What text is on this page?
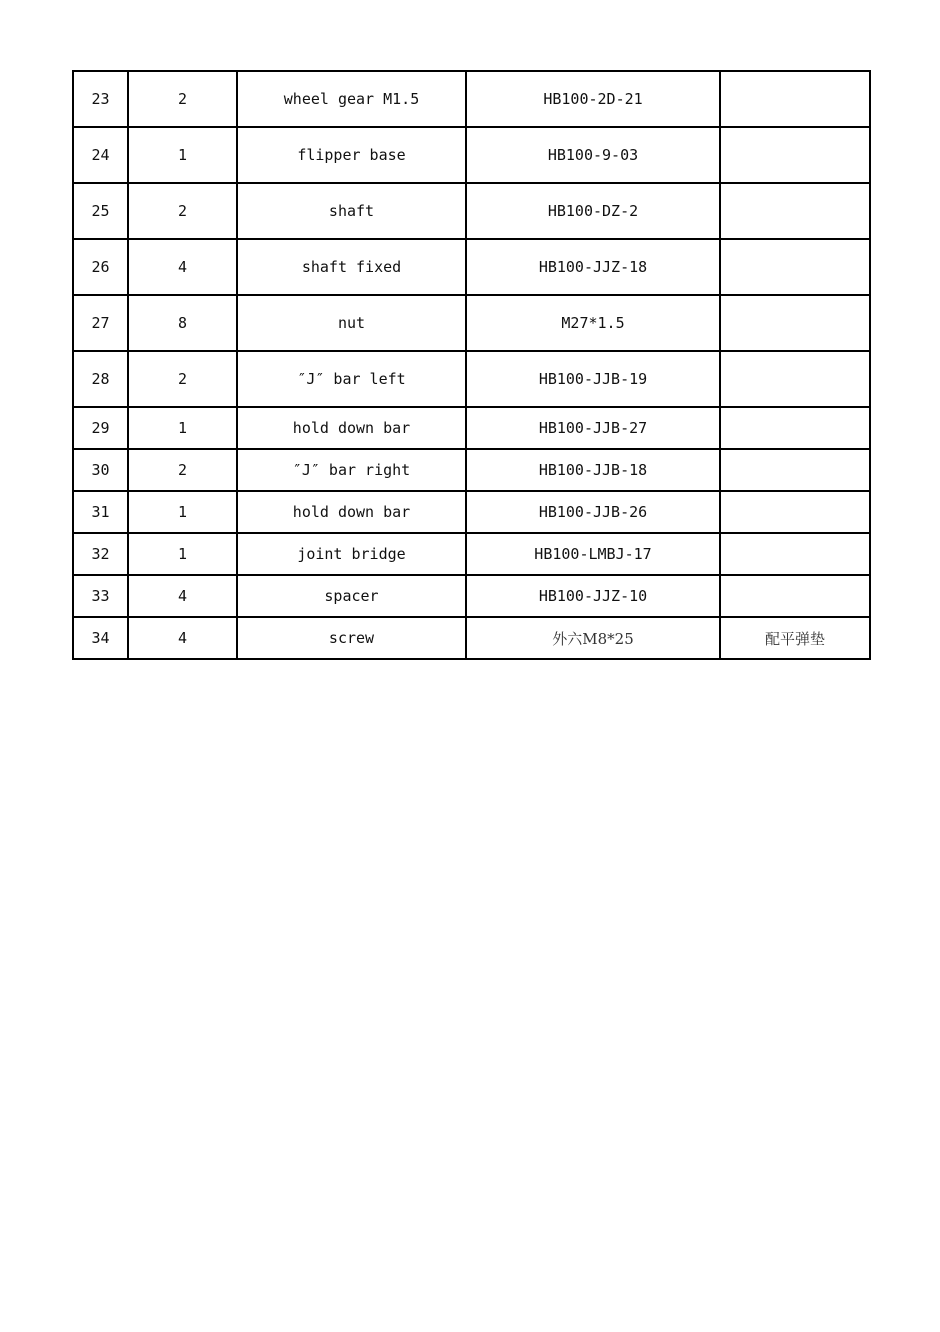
23	2	wheel gear M1.5	HB100-2D-21	
24	1	flipper base	HB100-9-03	
25	2	shaft	HB100-DZ-2	
26	4	shaft fixed	HB100-JJZ-18	
27	8	nut	M27*1.5	
28	2	″J″ bar left	HB100-JJB-19	
29	1	hold down bar	HB100-JJB-27	
30	2	″J″ bar right	HB100-JJB-18	
31	1	hold down bar	HB100-JJB-26	
32	1	joint bridge	HB100-LMBJ-17	
33	4	spacer	HB100-JJZ-10	
34	4	screw	外六M8*25	配平弹垫
